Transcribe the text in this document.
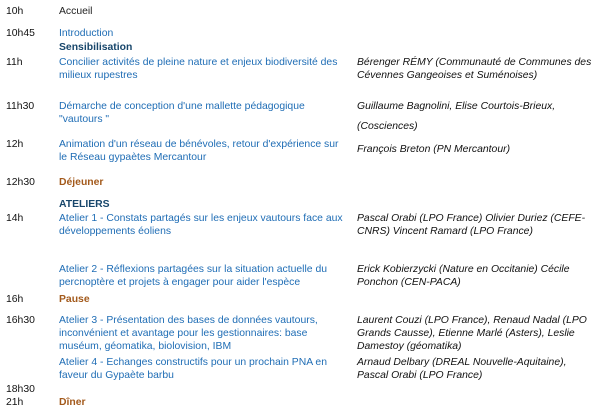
10h
10h45
11h
11h30
12h
12h30
14h
16h
16h30
18h30
21h
Accueil
Introduction
Sensibilisation
Concilier activités de pleine nature et enjeux biodiversité des milieux rupestres
Démarche de conception d'une mallette pédagogique "vautours "
Animation d'un réseau de bénévoles, retour d'expérience sur le Réseau gypaètes Mercantour
Déjeuner
ATELIERS
Atelier 1 - Constats partagés sur les enjeux vautours face aux développements éoliens
Atelier 2 - Réflexions partagées sur la situation actuelle du percnoptère et projets à engager pour aider l'espèce
Pause
Atelier 3 - Présentation des bases de données vautours, inconvénient et avantage pour les gestionnaires: base muséum, géomatika, biolovision, IBM
Atelier 4 - Echanges constructifs pour un prochain PNA en faveur du Gypaète barbu
Dîner
Bérenger RÉMY (Communauté de Communes des Cévennes Gangeoises et Suménoises)
Guillaume Bagnolini, Elise Courtois-Brieux,
(Cosciences)
François Breton (PN Mercantour)
Pascal Orabi (LPO France) Olivier Duriez (CEFE-CNRS) Vincent Ramard (LPO France)
Erick Kobierzycki (Nature en Occitanie) Cécile Ponchon (CEN-PACA)
Laurent Couzi (LPO France), Renaud Nadal (LPO Grands Causse), Etienne Marlé (Asters), Leslie Damestoy (géomatika)
Arnaud Delbary (DREAL Nouvelle-Aquitaine), Pascal Orabi (LPO France)
